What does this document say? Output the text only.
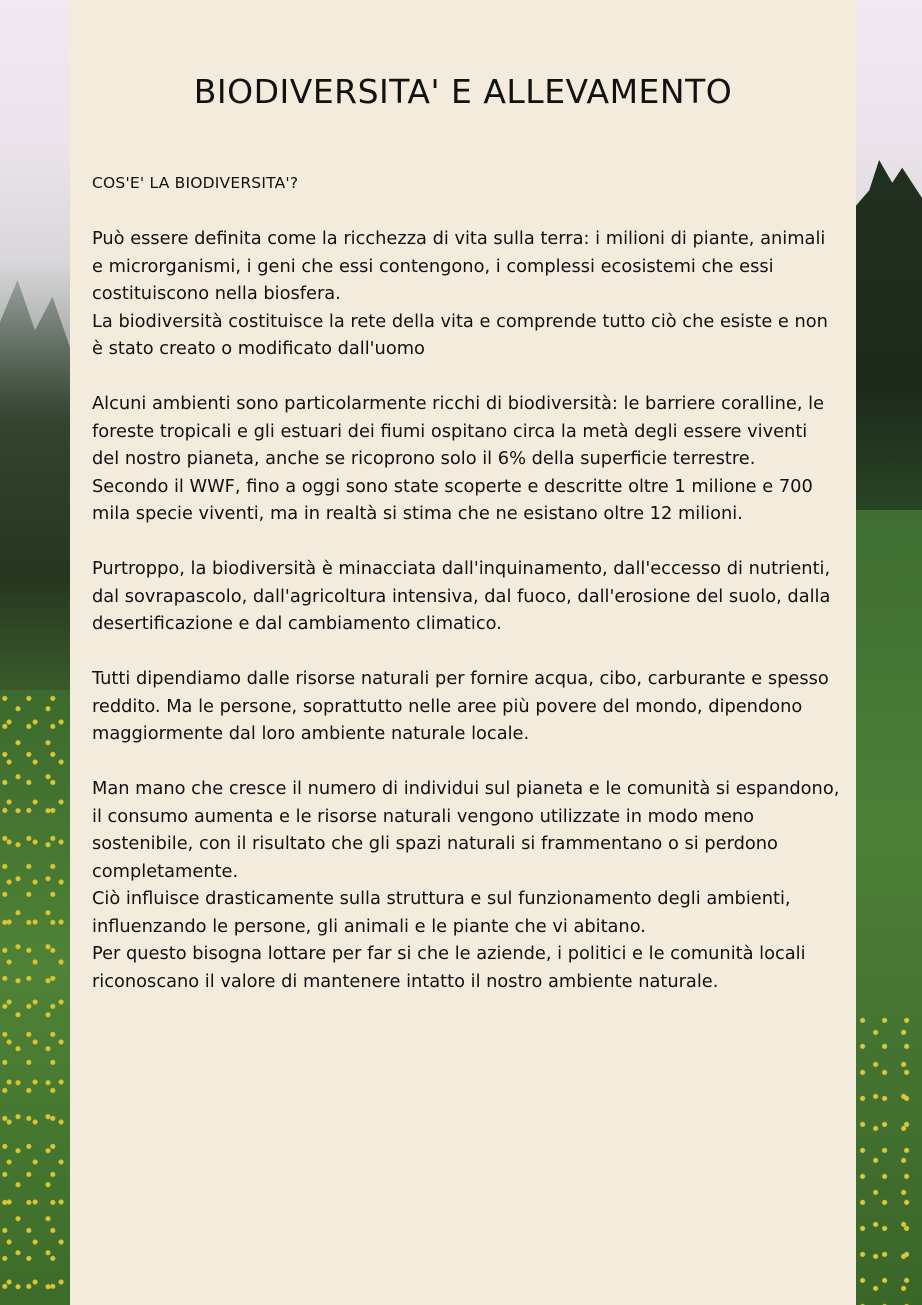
BIODIVERSITA' E ALLEVAMENTO

COS'E' LA BIODIVERSITA'?

Può essere definita come la ricchezza di vita sulla terra: i milioni di piante, animali e microrganismi, i geni che essi contengono, i complessi ecosistemi che essi costituiscono nella biosfera.

La biodiversità costituisce la rete della vita e comprende tutto ciò che esiste e non è stato creato o modificato dall'uomo

Alcuni ambienti sono particolarmente ricchi di biodiversità: le barriere coralline, le foreste tropicali e gli estuari dei fiumi ospitano circa la metà degli essere viventi del nostro pianeta, anche se ricoprono solo il 6% della superficie terrestre.

Secondo il WWF, fino a oggi sono state scoperte e descritte oltre 1 milione e 700 mila specie viventi, ma in realtà si stima che ne esistano oltre 12 milioni.

Purtroppo, la biodiversità è minacciata dall'inquinamento, dall'eccesso di nutrienti, dal sovrapascolo, dall'agricoltura intensiva, dal fuoco, dall'erosione del suolo, dalla desertificazione e dal cambiamento climatico.

Tutti dipendiamo dalle risorse naturali per fornire acqua, cibo, carburante e spesso reddito. Ma le persone, soprattutto nelle aree più povere del mondo, dipendono maggiormente dal loro ambiente naturale locale.

Man mano che cresce il numero di individui sul pianeta e le comunità si espandono, il consumo aumenta e le risorse naturali vengono utilizzate in modo meno sostenibile, con il risultato che gli spazi naturali si frammentano o si perdono completamente.

Ciò influisce drasticamente sulla struttura e sul funzionamento degli ambienti, influenzando le persone, gli animali e le piante che vi abitano.

Per questo bisogna lottare per far si che le aziende, i politici e le comunità locali riconoscano il valore di mantenere intatto il nostro ambiente naturale.
